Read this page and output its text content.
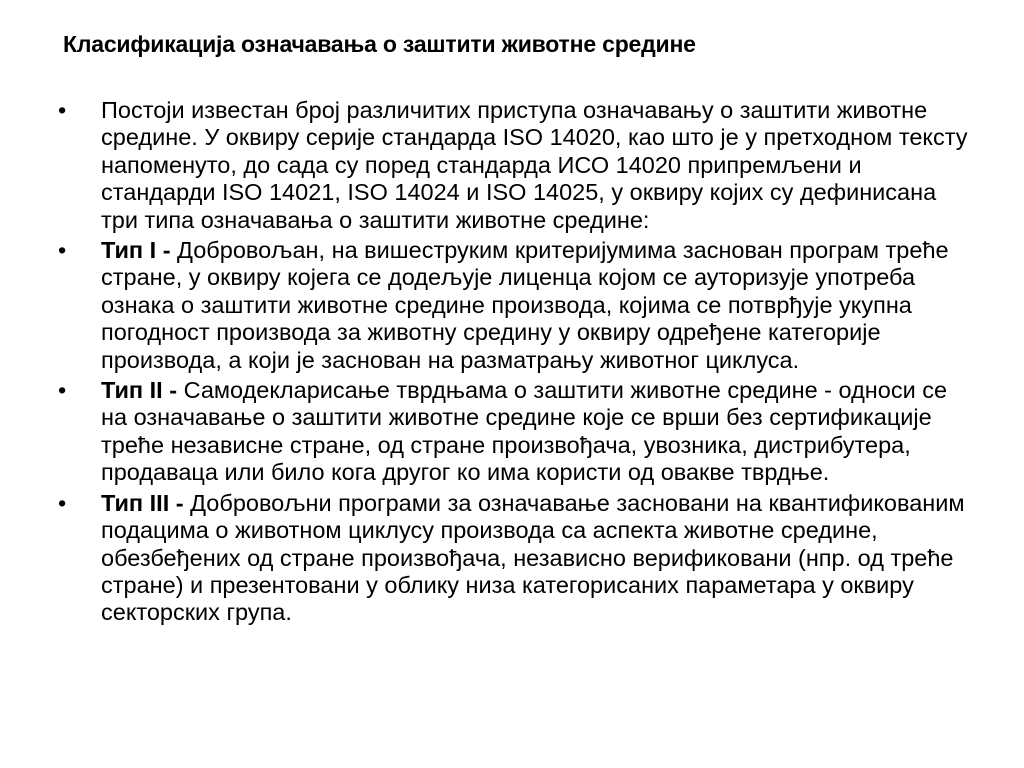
Класификација означавања о заштити животне средине
• Постоји известан број различитих приступа означавању о заштити животне средине. У оквиру серије стандарда ISO 14020, као што је у претходном тексту напоменуто, до сада су поред стандарда ИСО 14020 припремљени и стандарди ISO 14021, ISO 14024 и ISO 14025, у оквиру којих су дефинисана три типа означавања о заштити животне средине:
• Тип I - Добровољан, на вишеструким критеријумима заснован програм треће стране, у оквиру којега се додељује лиценца којом се ауторизује употреба ознака о заштити животне средине производа, којима се потврђује укупна погодност производа за животну средину у оквиру одређене категорије производа, а који је заснован на разматрању животног циклуса.
• Тип II - Самодекларисање тврдњама о заштити животне средине - односи се на означавање о заштити животне средине које се врши без сертификације треће независне стране, од стране произвођача, увозника, дистрибутера, продаваца или било кога другог ко има користи од овакве тврдње.
• Тип III - Добровољни програми за означавање засновани на квантификованим подацима о животном циклусу производа са аспекта животне средине, обезбеђених од стране произвођача, независно верификовани (нпр. од треће стране) и презентовани у облику низа категорисаних параметара у оквиру секторских група.
